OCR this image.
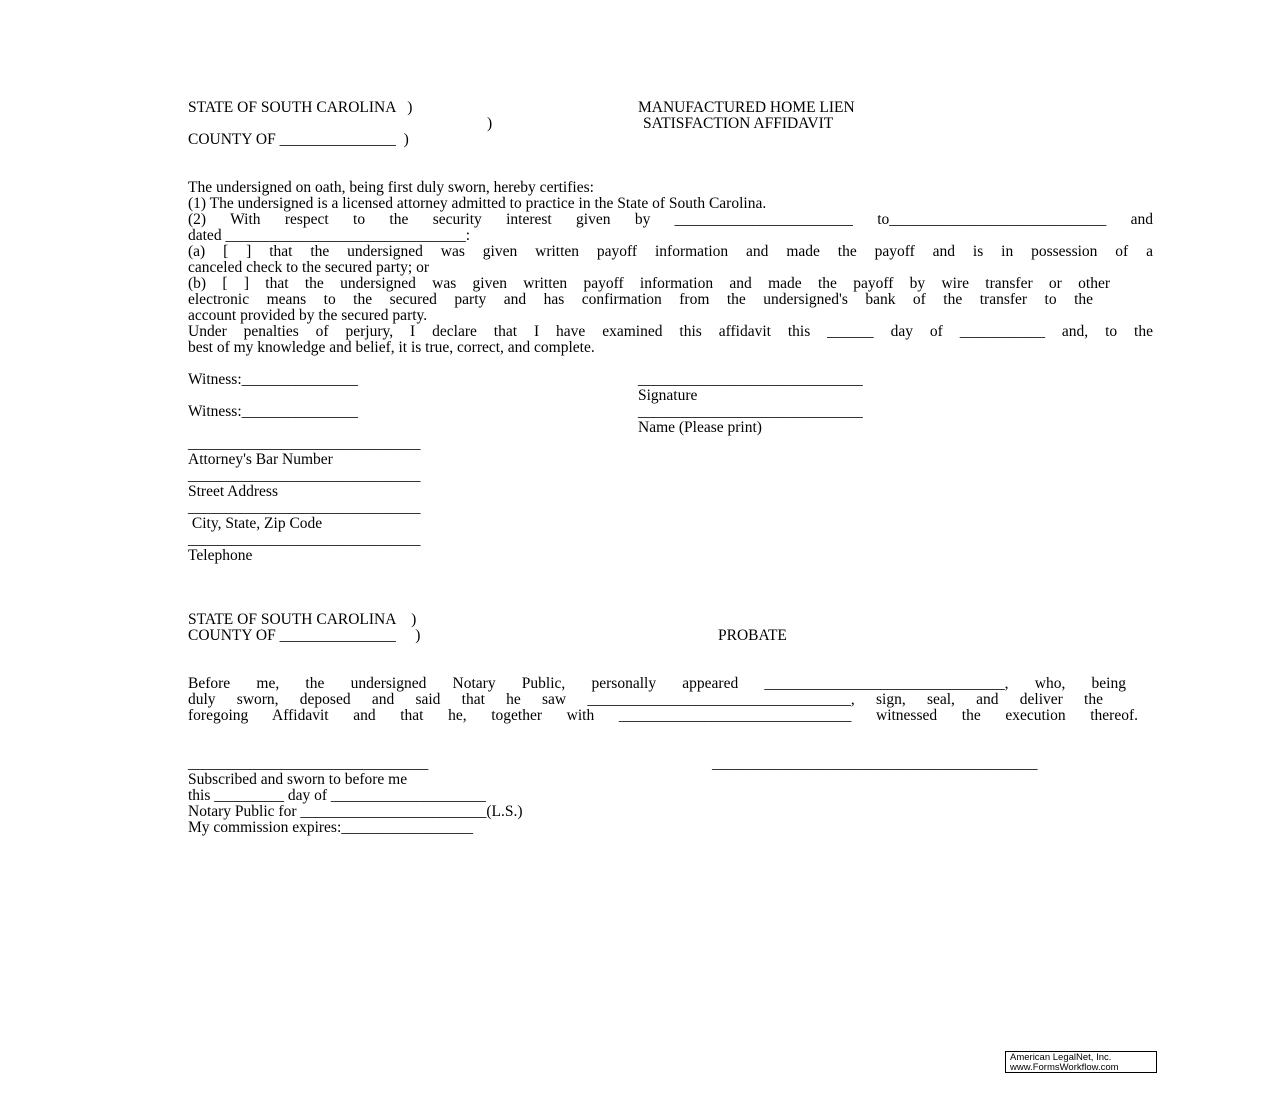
STATE OF SOUTH CAROLINA   )
)
COUNTY OF _______________  )
MANUFACTURED HOME LIEN
SATISFACTION AFFIDAVIT
The undersigned on oath, being first duly sworn, hereby certifies:
(1) The undersigned is a licensed attorney admitted to practice in the State of South Carolina.
(2) With respect to the security interest given by _______________________ to____________________________ and
dated _______________________________:
(a) [ ] that the undersigned was given written payoff information and made the payoff and is in possession of a
canceled check to the secured party; or
(b) [ ] that the undersigned was given written payoff information and made the payoff by wire transfer or other
electronic means to the secured party and has confirmation from the undersigned's bank of the transfer to the
account provided by the secured party.
Under penalties of perjury, I declare that I have examined this affidavit this ______ day of ___________ and, to the
best of my knowledge and belief, it is true, correct, and complete.
Witness:_______________
Witness:_______________
_____________________________
Signature
_____________________________
Name (Please print)
______________________________
Attorney's Bar Number
______________________________
Street Address
______________________________
City, State, Zip Code
______________________________
Telephone
STATE OF SOUTH CAROLINA    )
COUNTY OF _______________     )	PROBATE
Before me, the undersigned Notary Public, personally appeared _______________________________, who, being
duly sworn, deposed and said that he saw __________________________________, sign, seal, and deliver the
foregoing Affidavit and that he, together with ______________________________ witnessed the execution thereof.
_______________________________	__________________________________________
Subscribed and sworn to before me
this _________ day of ____________________
Notary Public for ________________________(L.S.)
My commission expires:_________________
American LegalNet, Inc.
www.FormsWorkflow.com
